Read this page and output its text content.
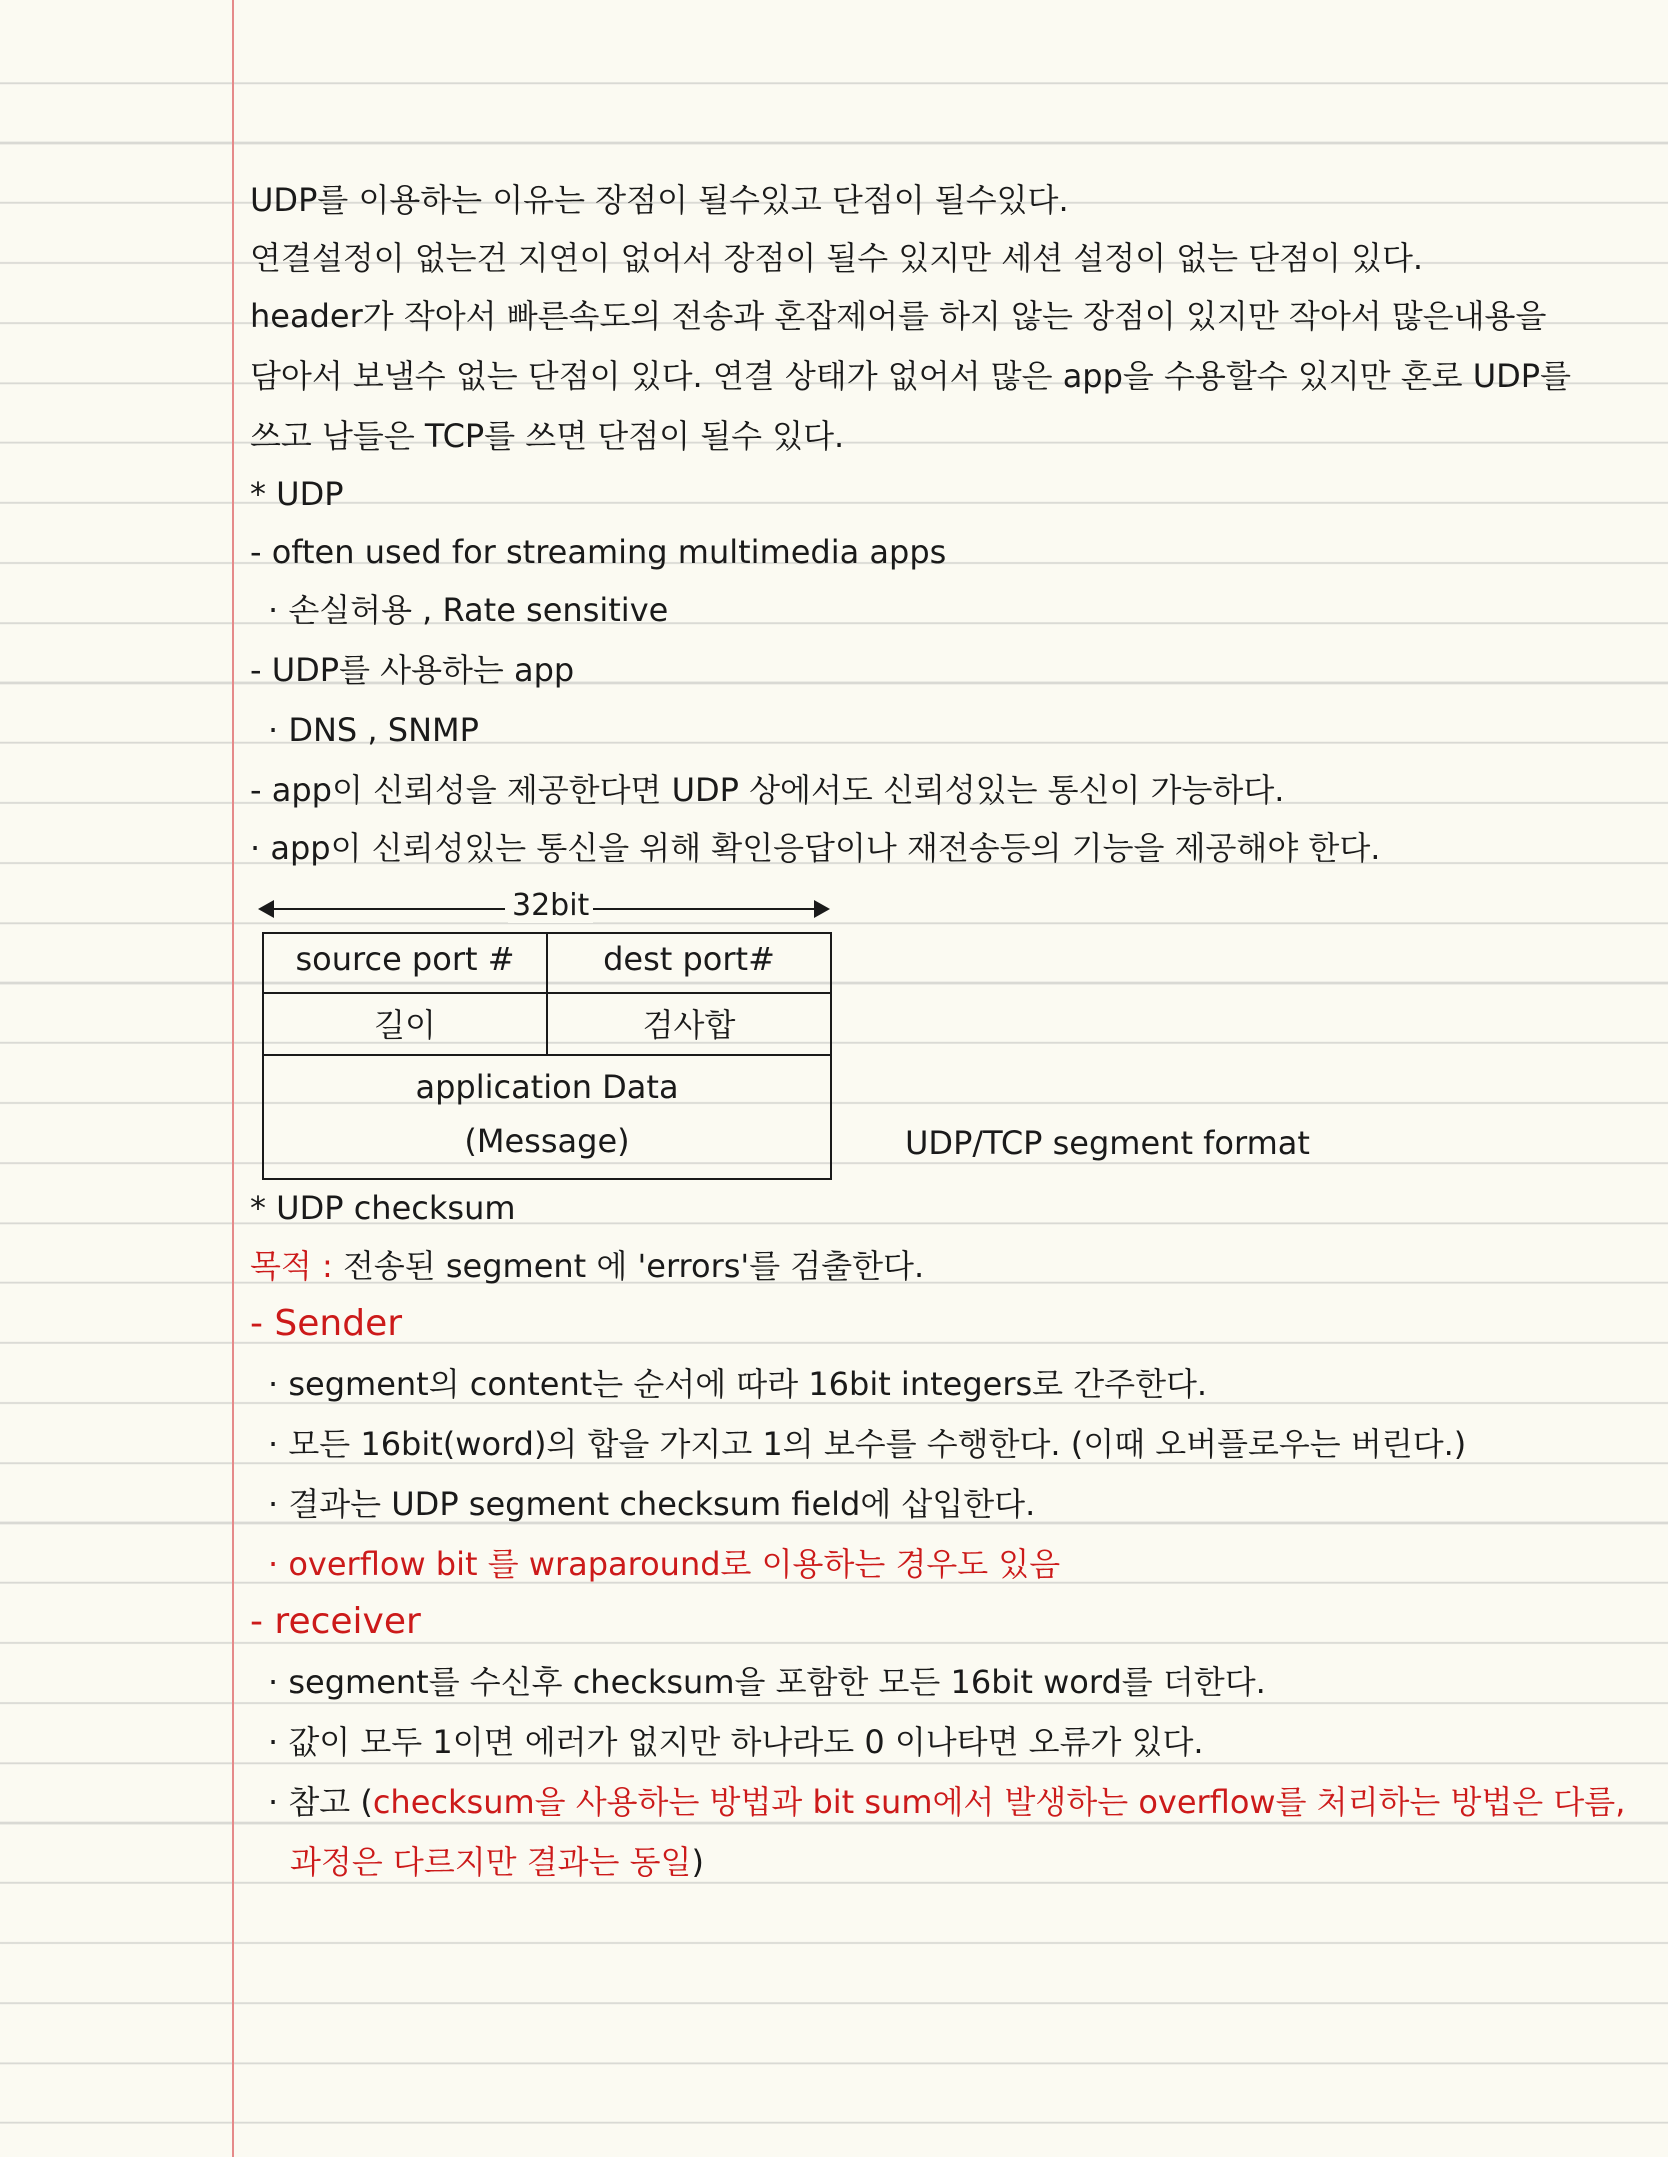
UDP를 이용하는 이유는 장점이 될수있고 단점이 될수있다.
연결설정이 없는건 지연이 없어서 장점이 될수 있지만 세션 설정이 없는 단점이 있다.
header가 작아서 빠른속도의 전송과 혼잡제어를 하지 않는 장점이 있지만 작아서 많은내용을
담아서 보낼수 없는 단점이 있다. 연결 상태가 없어서 많은 app을 수용할수 있지만 혼로 UDP를
쓰고 남들은 TCP를 쓰면 단점이 될수 있다.
* UDP
- often used for streaming multimedia apps
· 손실허용 , Rate sensitive
- UDP를 사용하는 app
· DNS , SNMP
- app이 신뢰성을 제공한다면 UDP 상에서도 신뢰성있는 통신이 가능하다.
· app이 신뢰성있는 통신을 위해 확인응답이나 재전송등의 기능을 제공해야 한다.
32bit
source port #	dest port#
길이	검사합
application Data
(Message)	UDP/TCP segment format
* UDP checksum
목적 : 전송된 segment 에 'errors'를 검출한다.
- Sender
· segment의 content는 순서에 따라 16bit integers로 간주한다.
· 모든 16bit(word)의 합을 가지고 1의 보수를 수행한다. (이때 오버플로우는 버린다.)
· 결과는 UDP segment checksum field에 삽입한다.
· overflow bit 를 wraparound로 이용하는 경우도 있음
- receiver
· segment를 수신후 checksum을 포함한 모든 16bit word를 더한다.
· 값이 모두 1이면 에러가 없지만 하나라도 0 이나타면 오류가 있다.
· 참고 (checksum을 사용하는 방법과 bit sum에서 발생하는 overflow를 처리하는 방법은 다름,
과정은 다르지만 결과는 동일)
